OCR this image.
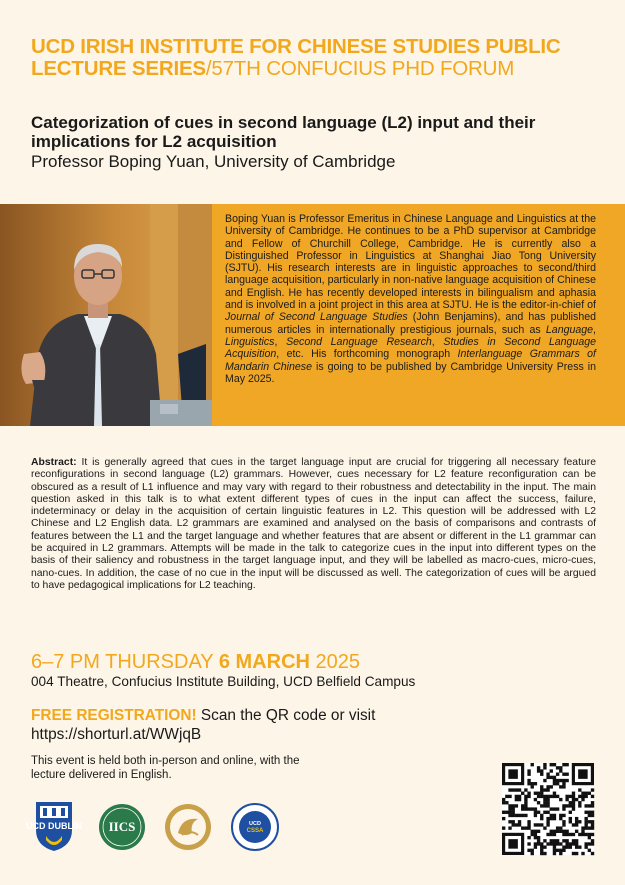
UCD IRISH INSTITUTE FOR CHINESE STUDIES PUBLIC LECTURE SERIES/57TH CONFUCIUS PHD FORUM
Categorization of cues in second language (L2) input and their implications for L2 acquisition
Professor Boping Yuan, University of Cambridge
Boping Yuan is Professor Emeritus in Chinese Language and Linguistics at the University of Cambridge. He continues to be a PhD supervisor at Cambridge and Fellow of Churchill College, Cambridge. He is currently also a Distinguished Professor in Linguistics at Shanghai Jiao Tong University (SJTU). His research interests are in linguistic approaches to second/third language acquisition, particularly in non-native language acquisition of Chinese and English. He has recently developed interests in bilingualism and aphasia and is involved in a joint project in this area at SJTU. He is the editor-in-chief of Journal of Second Language Studies (John Benjamins), and has published numerous articles in internationally prestigious journals, such as Language, Linguistics, Second Language Research, Studies in Second Language Acquisition, etc. His forthcoming monograph Interlanguage Grammars of Mandarin Chinese is going to be published by Cambridge University Press in May 2025.
Abstract: It is generally agreed that cues in the target language input are crucial for triggering all necessary feature reconfigurations in second language (L2) grammars. However, cues necessary for L2 feature reconfiguration can be obscured as a result of L1 influence and may vary with regard to their robustness and detectability in the input. The main question asked in this talk is to what extent different types of cues in the input can affect the success, failure, indeterminacy or delay in the acquisition of certain linguistic features in L2. This question will be addressed with L2 Chinese and L2 English data. L2 grammars are examined and analysed on the basis of comparisons and contrasts of features between the L1 and the target language and whether features that are absent or different in the L1 grammar can be acquired in L2 grammars. Attempts will be made in the talk to categorize cues in the input into different types on the basis of their saliency and robustness in the target language input, and they will be labelled as macro-cues, micro-cues, nano-cues. In addition, the case of no cue in the input will be discussed as well. The categorization of cues will be argued to have pedagogical implications for L2 teaching.
6–7 PM THURSDAY 6 MARCH 2025
004 Theatre, Confucius Institute Building, UCD Belfield Campus
FREE REGISTRATION! Scan the QR code or visit
https://shorturl.at/WWjqB
This event is held both in-person and online, with the lecture delivered in English.
UCD DUBLIN IICS	UCD
CSSA
